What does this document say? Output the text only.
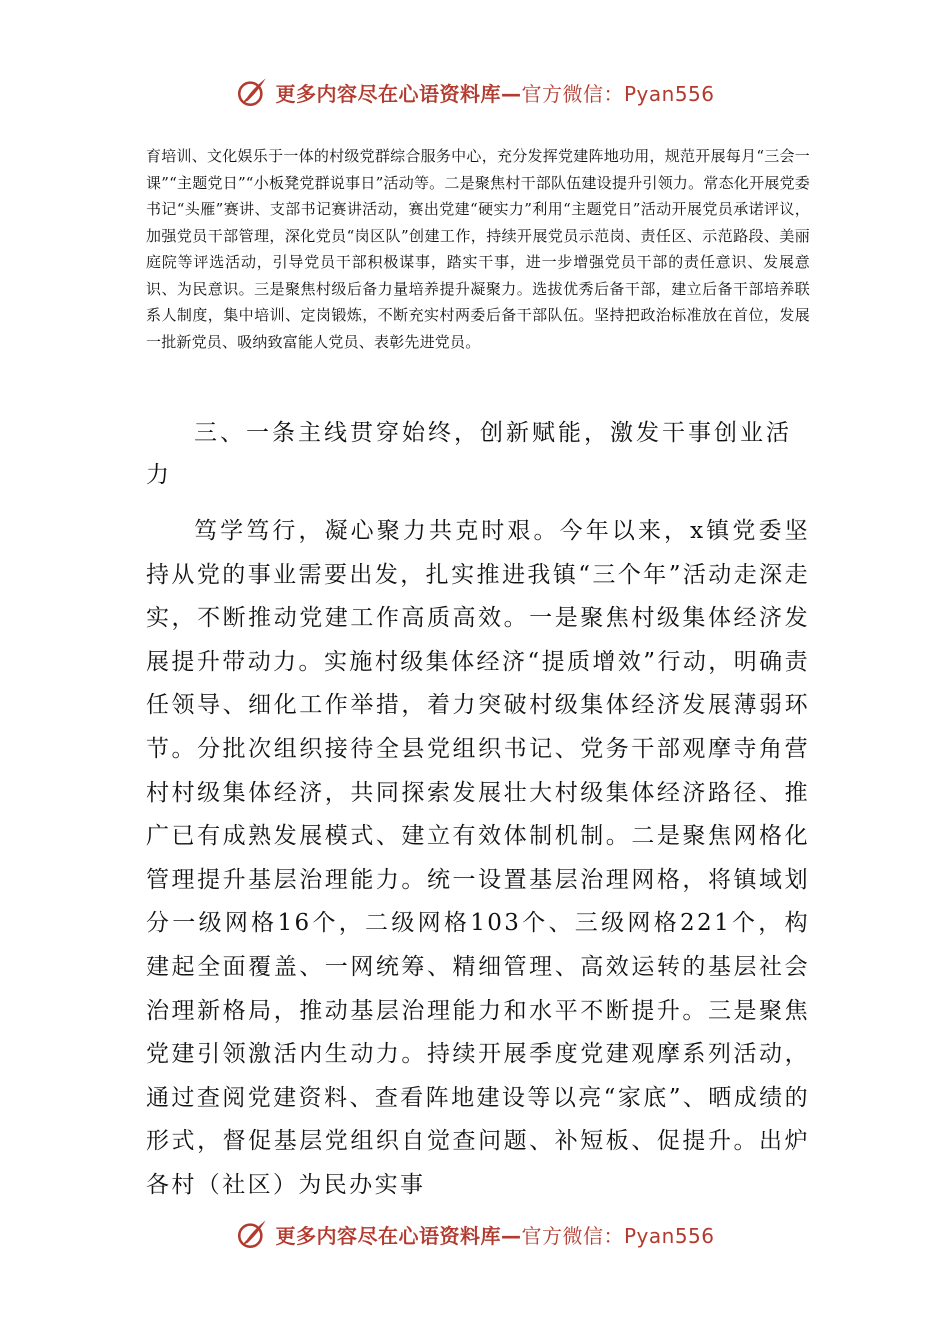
更多内容尽在心语资料库—官方微信：Pyan556
育培训、文化娱乐于一体的村级党群综合服务中心，充分发挥党建阵地功用，规范开展每月“三会一课”“主题党日”“小板凳党群说事日”活动等。二是聚焦村干部队伍建设提升引领力。常态化开展党委书记“头雁”赛讲、支部书记赛讲活动，赛出党建“硬实力”利用“主题党日”活动开展党员承诺评议，加强党员干部管理，深化党员“岗区队”创建工作，持续开展党员示范岗、责任区、示范路段、美丽庭院等评选活动，引导党员干部积极谋事，踏实干事，进一步增强党员干部的责任意识、发展意识、为民意识。三是聚焦村级后备力量培养提升凝聚力。选拔优秀后备干部，建立后备干部培养联系人制度，集中培训、定岗锻炼，不断充实村两委后备干部队伍。坚持把政治标准放在首位，发展一批新党员、吸纳致富能人党员、表彰先进党员。
三、一条主线贯穿始终，创新赋能，激发干事创业活力
笃学笃行，凝心聚力共克时艰。今年以来，x镇党委坚持从党的事业需要出发，扎实推进我镇“三个年”活动走深走实，不断推动党建工作高质高效。一是聚焦村级集体经济发展提升带动力。实施村级集体经济“提质增效”行动，明确责任领导、细化工作举措，着力突破村级集体经济发展薄弱环节。分批次组织接待全县党组织书记、党务干部观摩寺角营村村级集体经济，共同探索发展壮大村级集体经济路径、推广已有成熟发展模式、建立有效体制机制。二是聚焦网格化管理提升基层治理能力。统一设置基层治理网格，将镇域划分一级网格16个，二级网格103个、三级网格221个，构建起全面覆盖、一网统筹、精细管理、高效运转的基层社会治理新格局，推动基层治理能力和水平不断提升。三是聚焦党建引领激活内生动力。持续开展季度党建观摩系列活动，通过查阅党建资料、查看阵地建设等以亮“家底”、晒成绩的形式，督促基层党组织自觉查问题、补短板、促提升。出炉各村（社区）为民办实事
更多内容尽在心语资料库—官方微信：Pyan556
